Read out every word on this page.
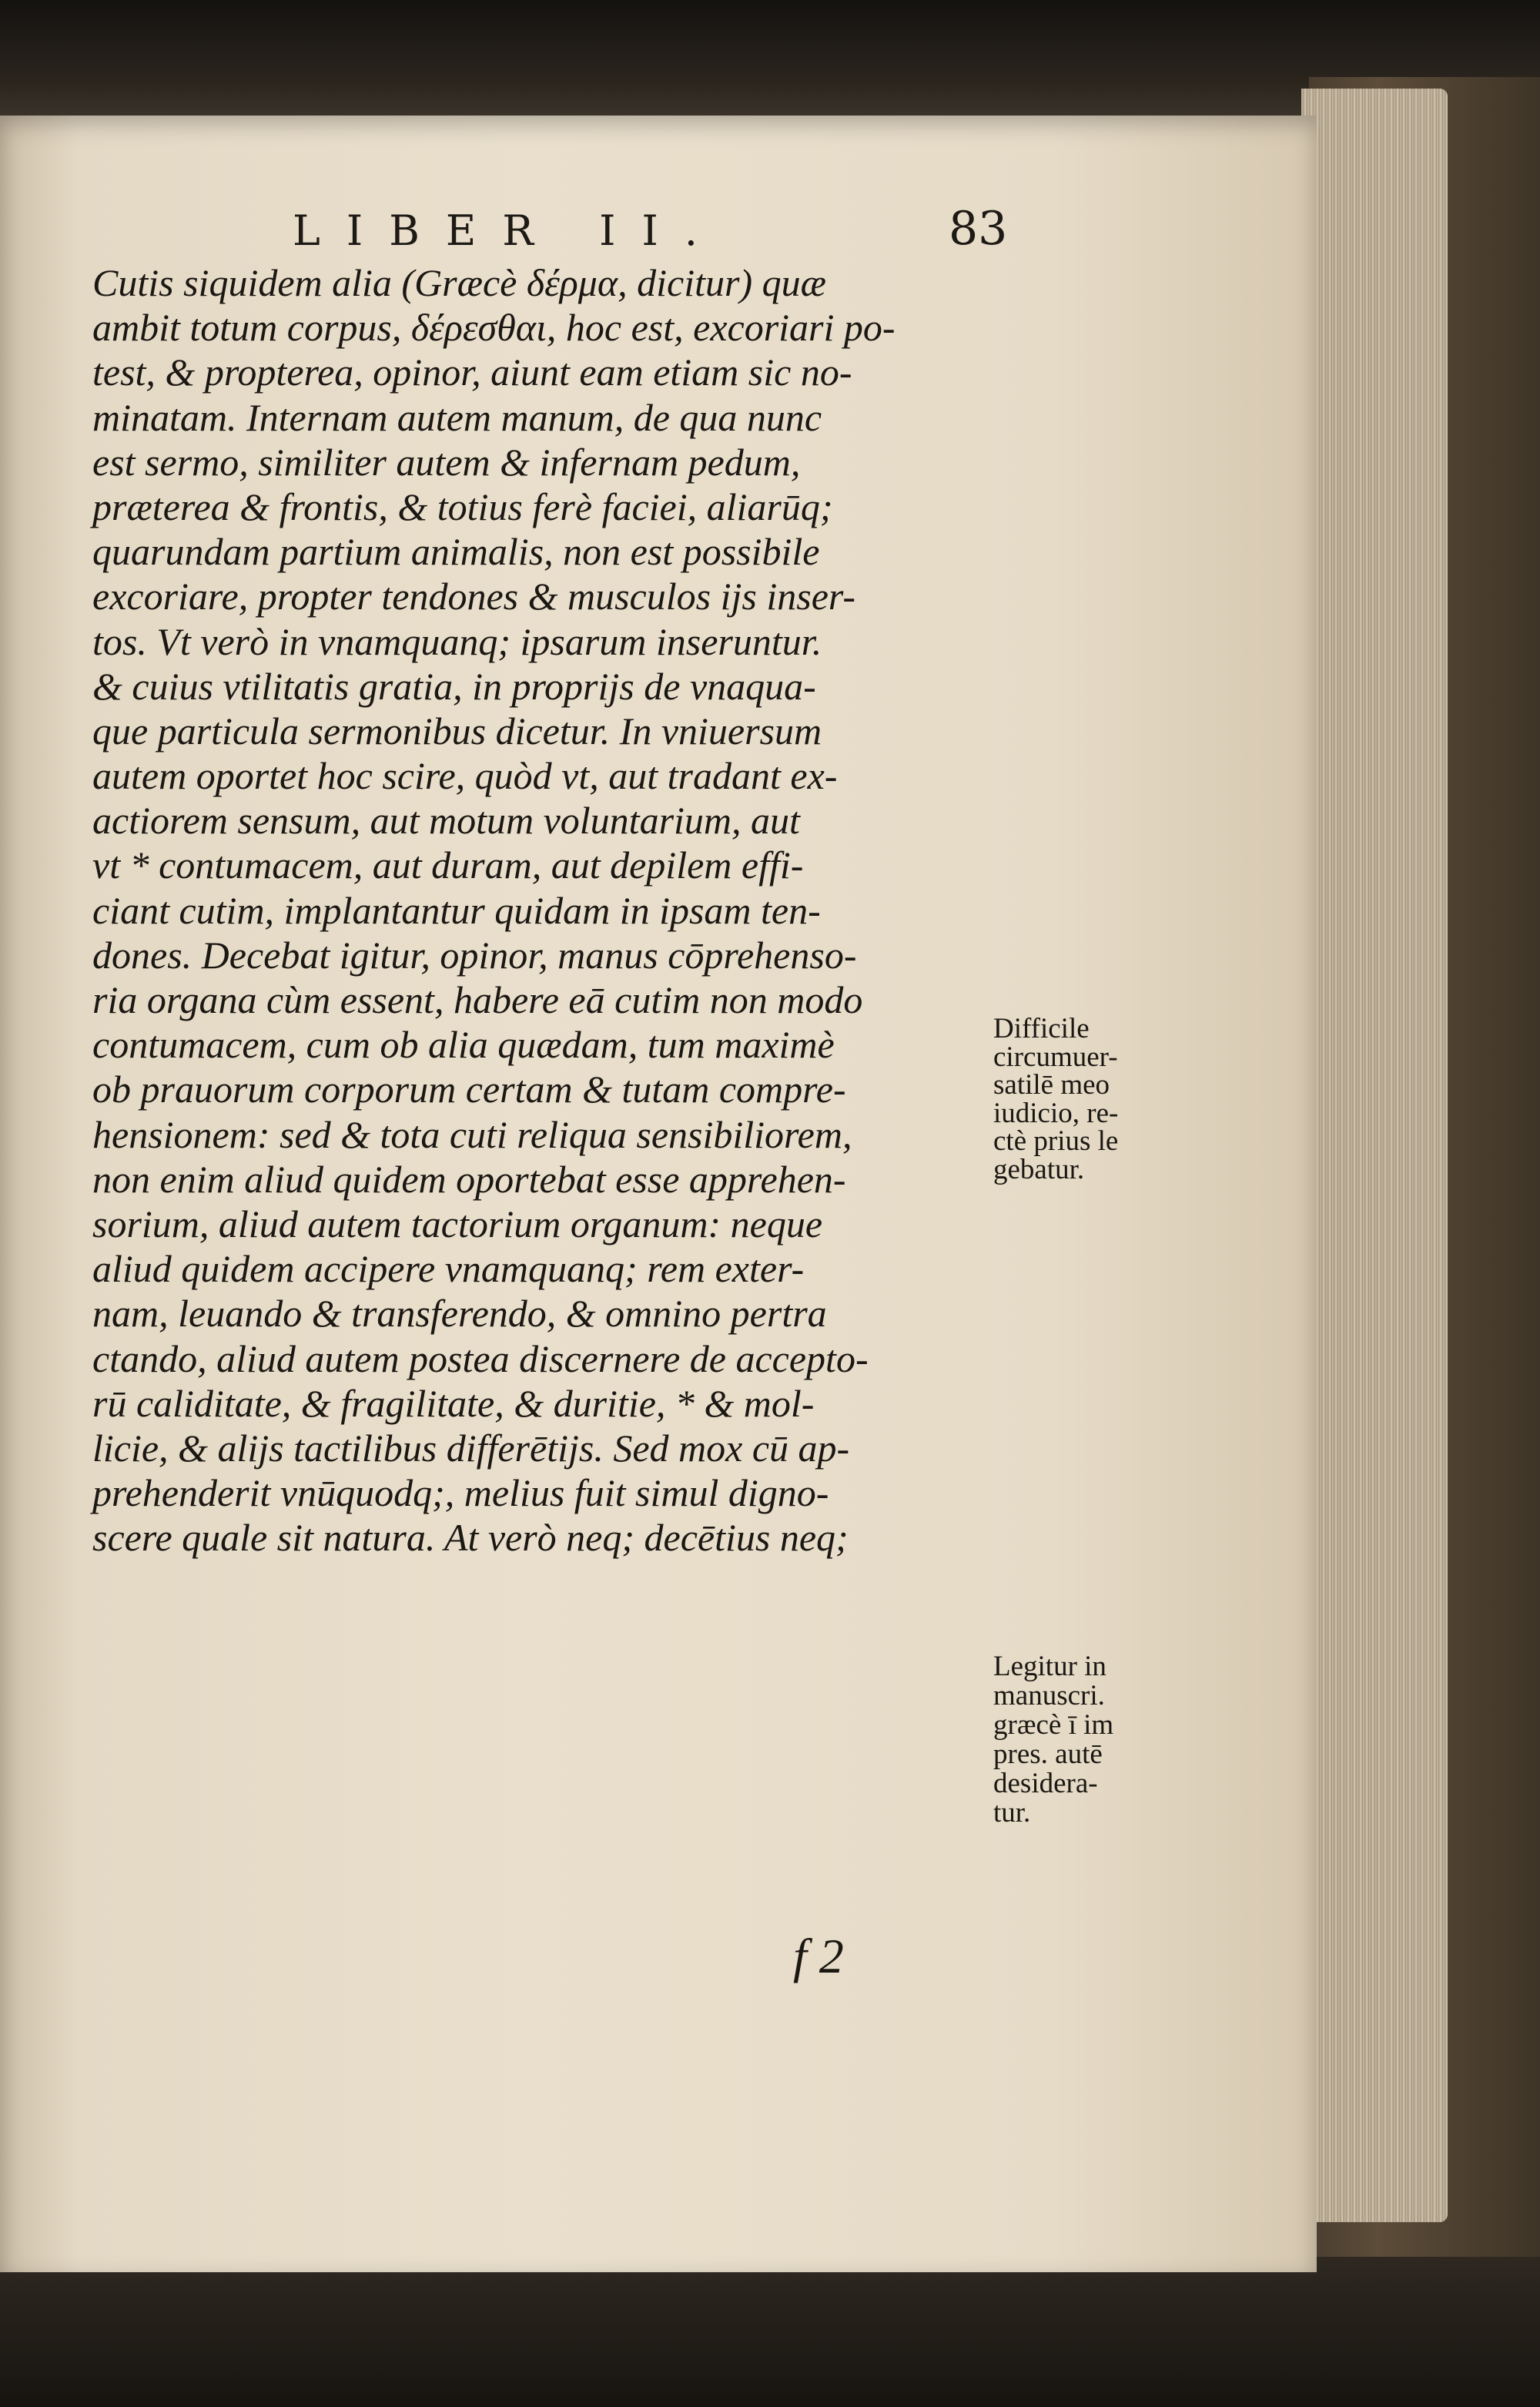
LIBER II.	83
Cutis siquidem alia (Græcè δέρμα, dicitur) quæ
ambit totum corpus, δέρεσθαι, hoc est, excoriari po-
test, & propterea, opinor, aiunt eam etiam sic no-
minatam. Internam autem manum, de qua nunc
est sermo, similiter autem & infernam pedum,
præterea & frontis, & totius ferè faciei, aliarūq;
quarundam partium animalis, non est possibile
excoriare, propter tendones & musculos ijs inser-
tos. Vt verò in vnamquanq; ipsarum inseruntur.
& cuius vtilitatis gratia, in proprijs de vnaqua-
que particula sermonibus dicetur. In vniuersum
autem oportet hoc scire, quòd vt, aut tradant ex-
actiorem sensum, aut motum voluntarium, aut
vt * contumacem, aut duram, aut depilem effi-
ciant cutim, implantantur quidam in ipsam ten-
dones. Decebat igitur, opinor, manus cōprehenso-
ria organa cùm essent, habere eā cutim non modo
contumacem, cum ob alia quædam, tum maximè
ob prauorum corporum certam & tutam compre-
hensionem: sed & tota cuti reliqua sensibiliorem,
non enim aliud quidem oportebat esse apprehen-
sorium, aliud autem tactorium organum: neque
aliud quidem accipere vnamquanq; rem exter-
nam, leuando & transferendo, & omnino pertra
ctando, aliud autem postea discernere de accepto-
rū caliditate, & fragilitate, & duritie, * & mol-
licie, & alijs tactilibus differētijs. Sed mox cū ap-
prehenderit vnūquodq;, melius fuit simul digno-
scere quale sit natura. At verò neq; decētius neq;
Difficile
circumuer-
satilē meo
iudicio, re-
ctè prius le
gebatur.
Legitur in
manuscri.
græcè ī im
pres. autē
desidera-
tur.
f 2
